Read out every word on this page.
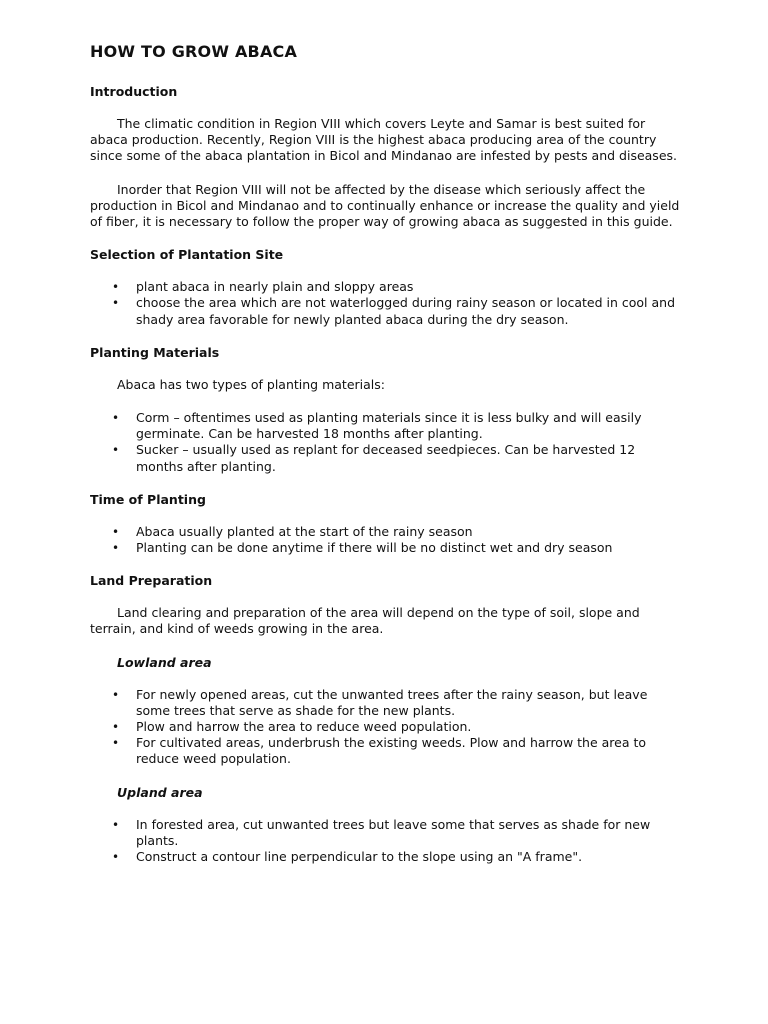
HOW TO GROW ABACA
Introduction

The climatic condition in Region VIII which covers Leyte and Samar is best suited for abaca production. Recently, Region VIII is the highest abaca producing area of the country since some of the abaca plantation in Bicol and Mindanao are infested by pests and diseases.

Inorder that Region VIII will not be affected by the disease which seriously affect the production in Bicol and Mindanao and to continually enhance or increase the quality and yield of fiber, it is necessary to follow the proper way of growing abaca as suggested in this guide.

Selection of Plantation Site
• plant abaca in nearly plain and sloppy areas
• choose the area which are not waterlogged during rainy season or located in cool and shady area favorable for newly planted abaca during the dry season.
Planting Materials

Abaca has two types of planting materials:

• Corm – oftentimes used as planting materials since it is less bulky and will easily germinate. Can be harvested 18 months after planting.
• Sucker – usually used as replant for deceased seedpieces. Can be harvested 12 months after planting.
Time of Planting
• Abaca usually planted at the start of the rainy season
• Planting can be done anytime if there will be no distinct wet and dry season
Land Preparation

Land clearing and preparation of the area will depend on the type of soil, slope and terrain, and kind of weeds growing in the area.

Lowland area
• For newly opened areas, cut the unwanted trees after the rainy season, but leave some trees that serve as shade for the new plants.
• Plow and harrow the area to reduce weed population.
• For cultivated areas, underbrush the existing weeds. Plow and harrow the area to reduce weed population.
Upland area
• In forested area, cut unwanted trees but leave some that serves as shade for new plants.
• Construct a contour line perpendicular to the slope using an "A frame".
